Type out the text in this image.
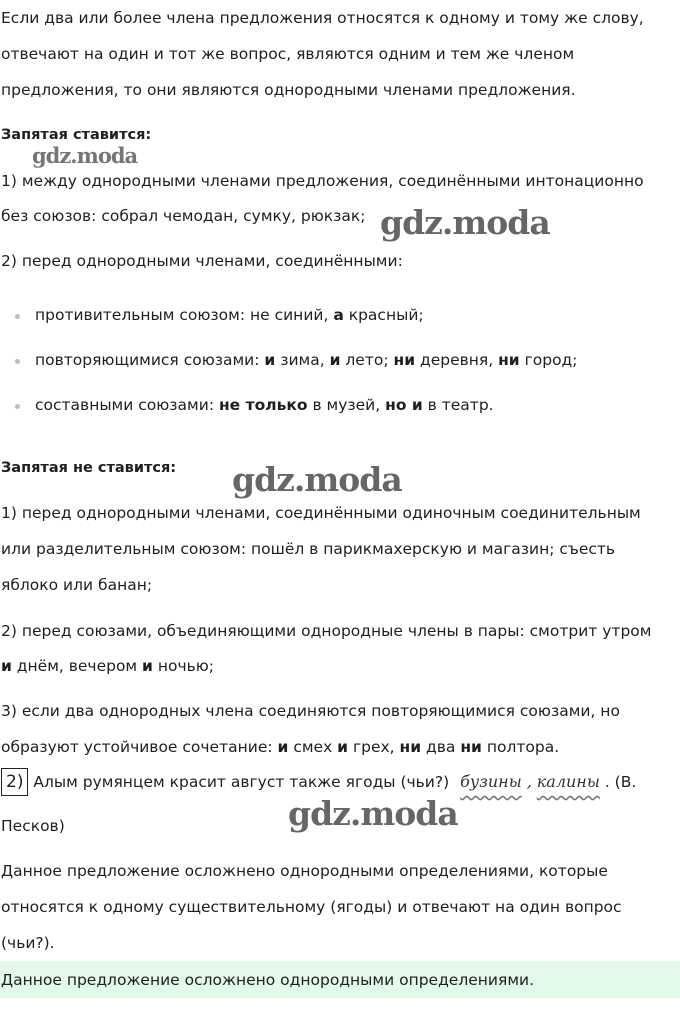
Если два или более члена предложения относятся к одному и тому же слову,
отвечают на один и тот же вопрос, являются одним и тем же членом
предложения, то они являются однородными членами предложения.
Запятая ставится:
1) между однородными членами предложения, соединёнными интонационно
без союзов: собрал чемодан, сумку, рюкзак;
2) перед однородными членами, соединёнными:
противительным союзом: не синий, а красный;
повторяющимися союзами: и зима, и лето; ни деревня, ни город;
составными союзами: не только в музей, но и в театр.
Запятая не ставится:
1) перед однородными членами, соединёнными одиночным соединительным
или разделительным союзом: пошёл в парикмахерскую и магазин; съесть
яблоко или банан;
2) перед союзами, объединяющими однородные члены в пары: смотрит утром
и днём, вечером и ночью;
3) если два однородных члена соединяются повторяющимися союзами, но
образуют устойчивое сочетание: и смех и грех, ни два ни полтора.
2) Алым румянцем красит август также ягоды (чьи?) бузины , калины . (В.
Песков)
Данное предложение осложнено однородными определениями, которые
относятся к одному существительному (ягоды) и отвечают на один вопрос
(чьи?).
Данное предложение осложнено однородными определениями.
gdz.moda
gdz.moda
gdz.moda
gdz.moda
